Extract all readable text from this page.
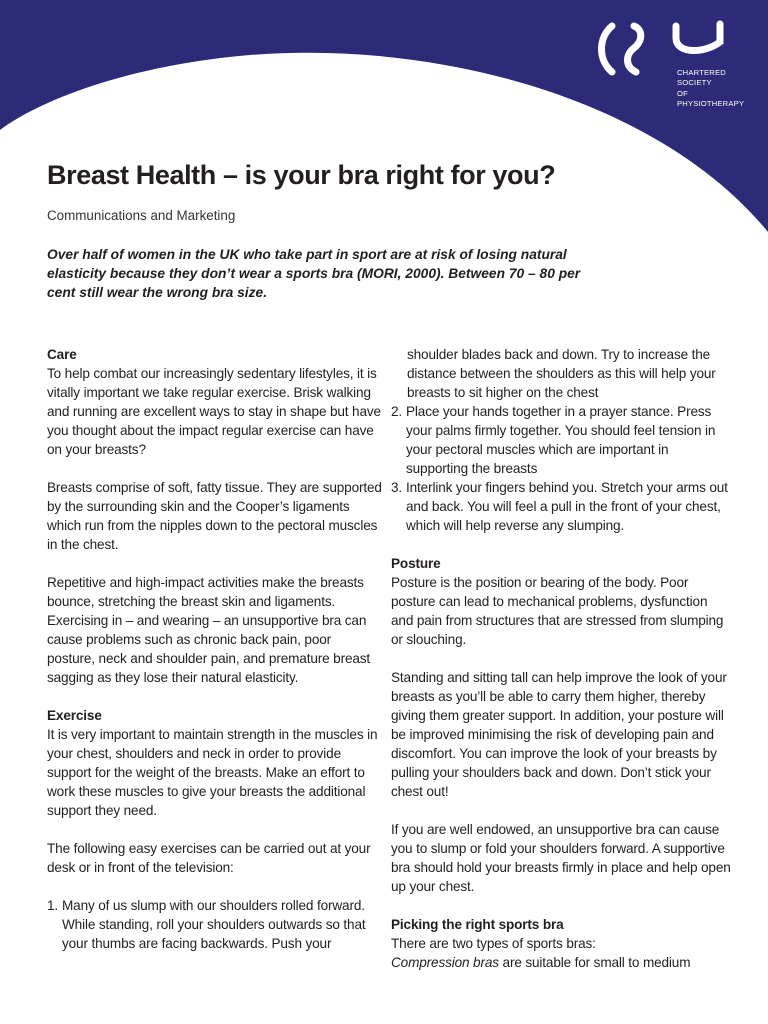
CHARTERED
SOCIETY
OF
PHYSIOTHERAPY
Breast Health – is your bra right for you?
Communications and Marketing

Over half of women in the UK who take part in sport are at risk of losing natural elasticity because they don’t wear a sports bra (MORI, 2000). Between 70 – 80 per cent still wear the wrong bra size.

Care

To help combat our increasingly sedentary lifestyles, it is vitally important we take regular exercise. Brisk walking and running are excellent ways to stay in shape but have you thought about the impact regular exercise can have on your breasts?

Breasts comprise of soft, fatty tissue. They are supported by the surrounding skin and the Cooper’s ligaments which run from the nipples down to the pectoral muscles in the chest.

Repetitive and high-impact activities make the breasts bounce, stretching the breast skin and ligaments. Exercising in – and wearing – an unsupportive bra can cause problems such as chronic back pain, poor posture, neck and shoulder pain, and premature breast sagging as they lose their natural elasticity.

Exercise

It is very important to maintain strength in the muscles in your chest, shoulders and neck in order to provide support for the weight of the breasts. Make an effort to work these muscles to give your breasts the additional support they need.

The following easy exercises can be carried out at your desk or in front of the television:

1. Many of us slump with our shoulders rolled forward. While standing, roll your shoulders outwards so that your thumbs are facing backwards. Push your
shoulder blades back and down. Try to increase the distance between the shoulders as this will help your breasts to sit higher on the chest
2. Place your hands together in a prayer stance. Press your palms firmly together. You should feel tension in your pectoral muscles which are important in supporting the breasts
3. Interlink your fingers behind you. Stretch your arms out and back. You will feel a pull in the front of your chest, which will help reverse any slumping.
Posture

Posture is the position or bearing of the body. Poor posture can lead to mechanical problems, dysfunction and pain from structures that are stressed from slumping or slouching.

Standing and sitting tall can help improve the look of your breasts as you’ll be able to carry them higher, thereby giving them greater support. In addition, your posture will be improved minimising the risk of developing pain and discomfort. You can improve the look of your breasts by pulling your shoulders back and down. Don’t stick your chest out!

If you are well endowed, an unsupportive bra can cause you to slump or fold your shoulders forward. A supportive bra should hold your breasts firmly in place and help open up your chest.

Picking the right sports bra
There are two types of sports bras:
Compression bras are suitable for small to medium
